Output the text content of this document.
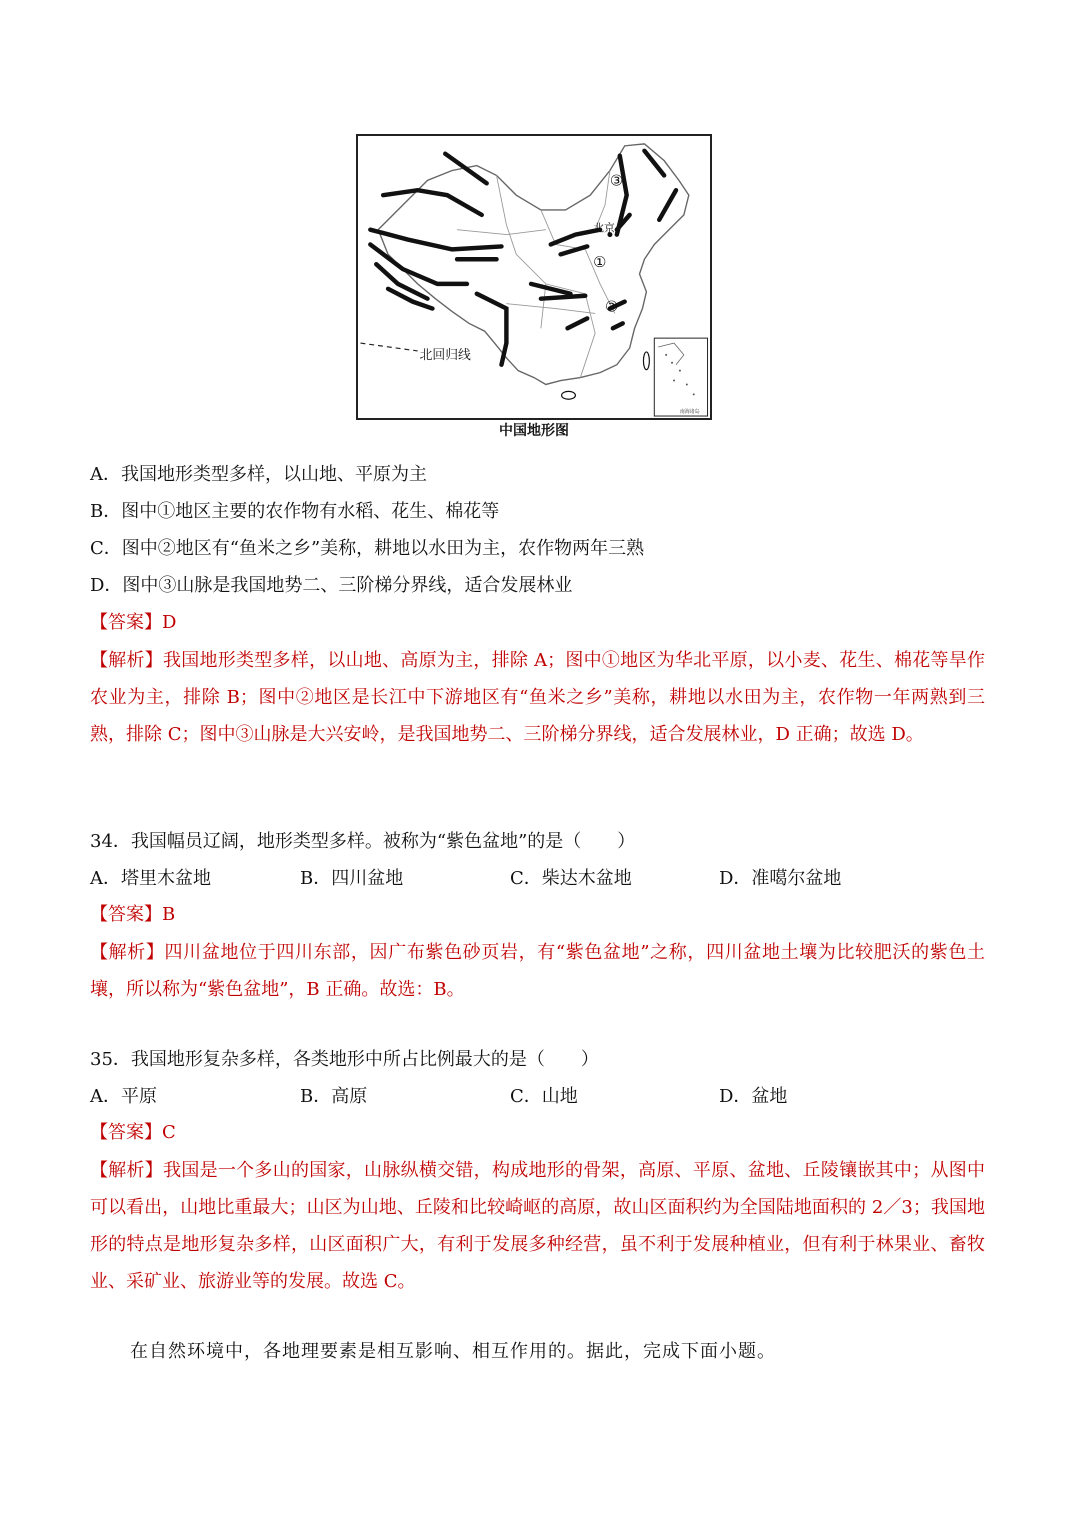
北回归线
北京
①
②
③
南海诸岛
中国地形图
A．我国地形类型多样，以山地、平原为主
B．图中①地区主要的农作物有水稻、花生、棉花等
C．图中②地区有“鱼米之乡”美称，耕地以水田为主，农作物两年三熟
D．图中③山脉是我国地势二、三阶梯分界线，适合发展林业
【答案】D
【解析】我国地形类型多样，以山地、高原为主，排除 A；图中①地区为华北平原，以小麦、花生、棉花等旱作农业为主，排除 B；图中②地区是长江中下游地区有“鱼米之乡”美称，耕地以水田为主，农作物一年两熟到三熟，排除 C；图中③山脉是大兴安岭，是我国地势二、三阶梯分界线，适合发展林业，D 正确；故选 D。
34．我国幅员辽阔，地形类型多样。被称为“紫色盆地”的是（　　）
A．塔里木盆地	B．四川盆地	C．柴达木盆地	D．准噶尔盆地
【答案】B
【解析】四川盆地位于四川东部，因广布紫色砂页岩，有“紫色盆地”之称，四川盆地土壤为比较肥沃的紫色土壤，所以称为“紫色盆地”，B 正确。故选：B。
35．我国地形复杂多样，各类地形中所占比例最大的是（　　）
A．平原	B．高原	C．山地	D．盆地
【答案】C
【解析】我国是一个多山的国家，山脉纵横交错，构成地形的骨架，高原、平原、盆地、丘陵镶嵌其中；从图中可以看出，山地比重最大；山区为山地、丘陵和比较崎岖的高原，故山区面积约为全国陆地面积的 2／3；我国地形的特点是地形复杂多样，山区面积广大，有利于发展多种经营，虽不利于发展种植业，但有利于林果业、畜牧业、采矿业、旅游业等的发展。故选 C。
在自然环境中，各地理要素是相互影响、相互作用的。据此，完成下面小题。
